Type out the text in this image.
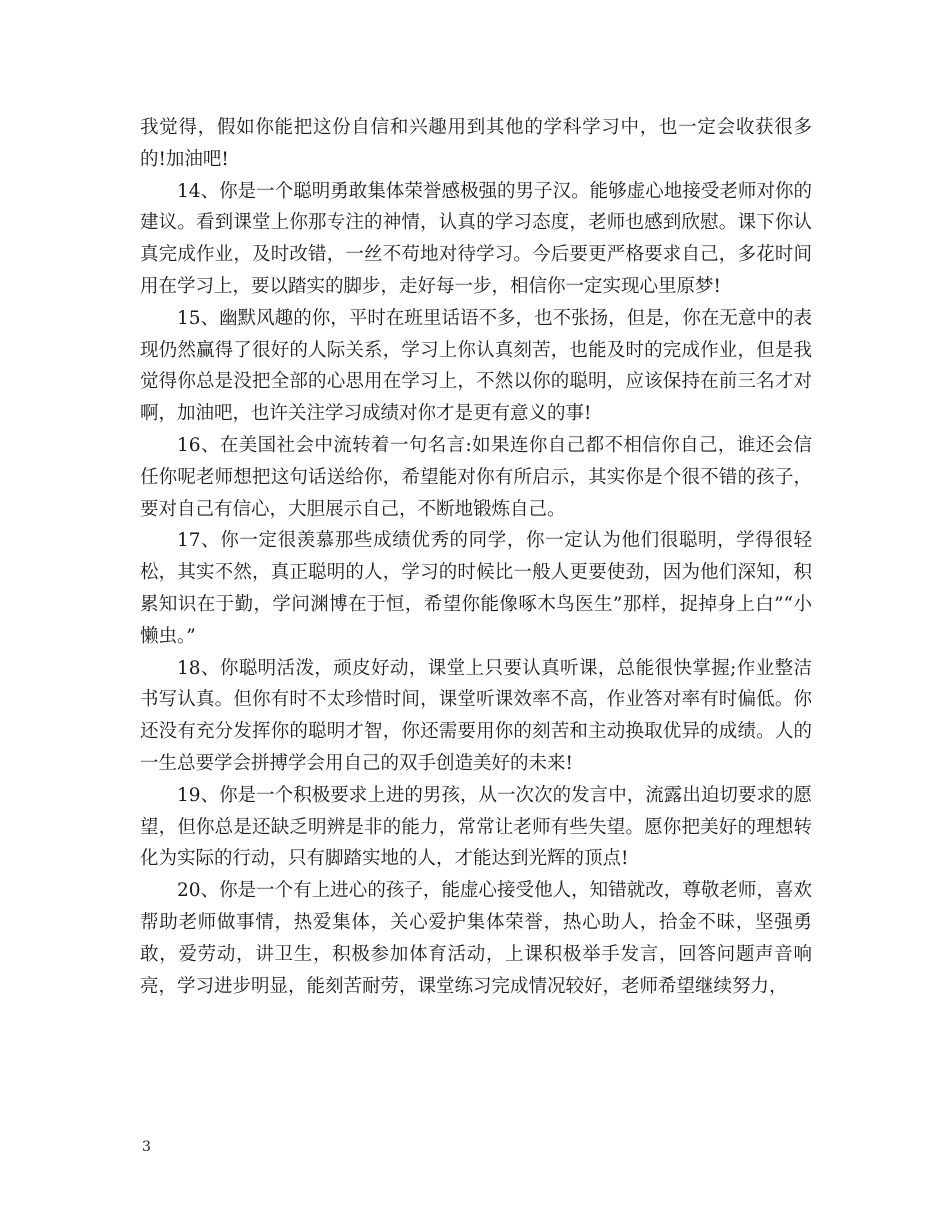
我觉得，假如你能把这份自信和兴趣用到其他的学科学习中，也一定会收获很多的!加油吧!

14、你是一个聪明勇敢集体荣誉感极强的男子汉。能够虚心地接受老师对你的建议。看到课堂上你那专注的神情，认真的学习态度，老师也感到欣慰。课下你认真完成作业，及时改错，一丝不苟地对待学习。今后要更严格要求自己，多花时间用在学习上，要以踏实的脚步，走好每一步，相信你一定实现心里原梦!

15、幽默风趣的你，平时在班里话语不多，也不张扬，但是，你在无意中的表现仍然赢得了很好的人际关系，学习上你认真刻苦，也能及时的完成作业，但是我觉得你总是没把全部的心思用在学习上，不然以你的聪明，应该保持在前三名才对啊，加油吧，也许关注学习成绩对你才是更有意义的事!

16、在美国社会中流转着一句名言:如果连你自己都不相信你自己，谁还会信任你呢老师想把这句话送给你，希望能对你有所启示，其实你是个很不错的孩子，要对自己有信心，大胆展示自己，不断地锻炼自己。

17、你一定很羡慕那些成绩优秀的同学，你一定认为他们很聪明，学得很轻松，其实不然，真正聪明的人，学习的时候比一般人更要使劲，因为他们深知，积累知识在于勤，学问渊博在于恒，希望你能像啄木鸟医生”那样，捉掉身上白”“小懒虫。”

18、你聪明活泼，顽皮好动，课堂上只要认真听课，总能很快掌握;作业整洁书写认真。但你有时不太珍惜时间，课堂听课效率不高，作业答对率有时偏低。你还没有充分发挥你的聪明才智，你还需要用你的刻苦和主动换取优异的成绩。人的一生总要学会拼搏学会用自己的双手创造美好的未来!

19、你是一个积极要求上进的男孩，从一次次的发言中，流露出迫切要求的愿望，但你总是还缺乏明辨是非的能力，常常让老师有些失望。愿你把美好的理想转化为实际的行动，只有脚踏实地的人，才能达到光辉的顶点!

20、你是一个有上进心的孩子，能虚心接受他人，知错就改，尊敬老师，喜欢帮助老师做事情，热爱集体，关心爱护集体荣誉，热心助人，拾金不昧，坚强勇敢，爱劳动，讲卫生，积极参加体育活动，上课积极举手发言，回答问题声音响亮，学习进步明显，能刻苦耐劳，课堂练习完成情况较好，老师希望继续努力，

3
